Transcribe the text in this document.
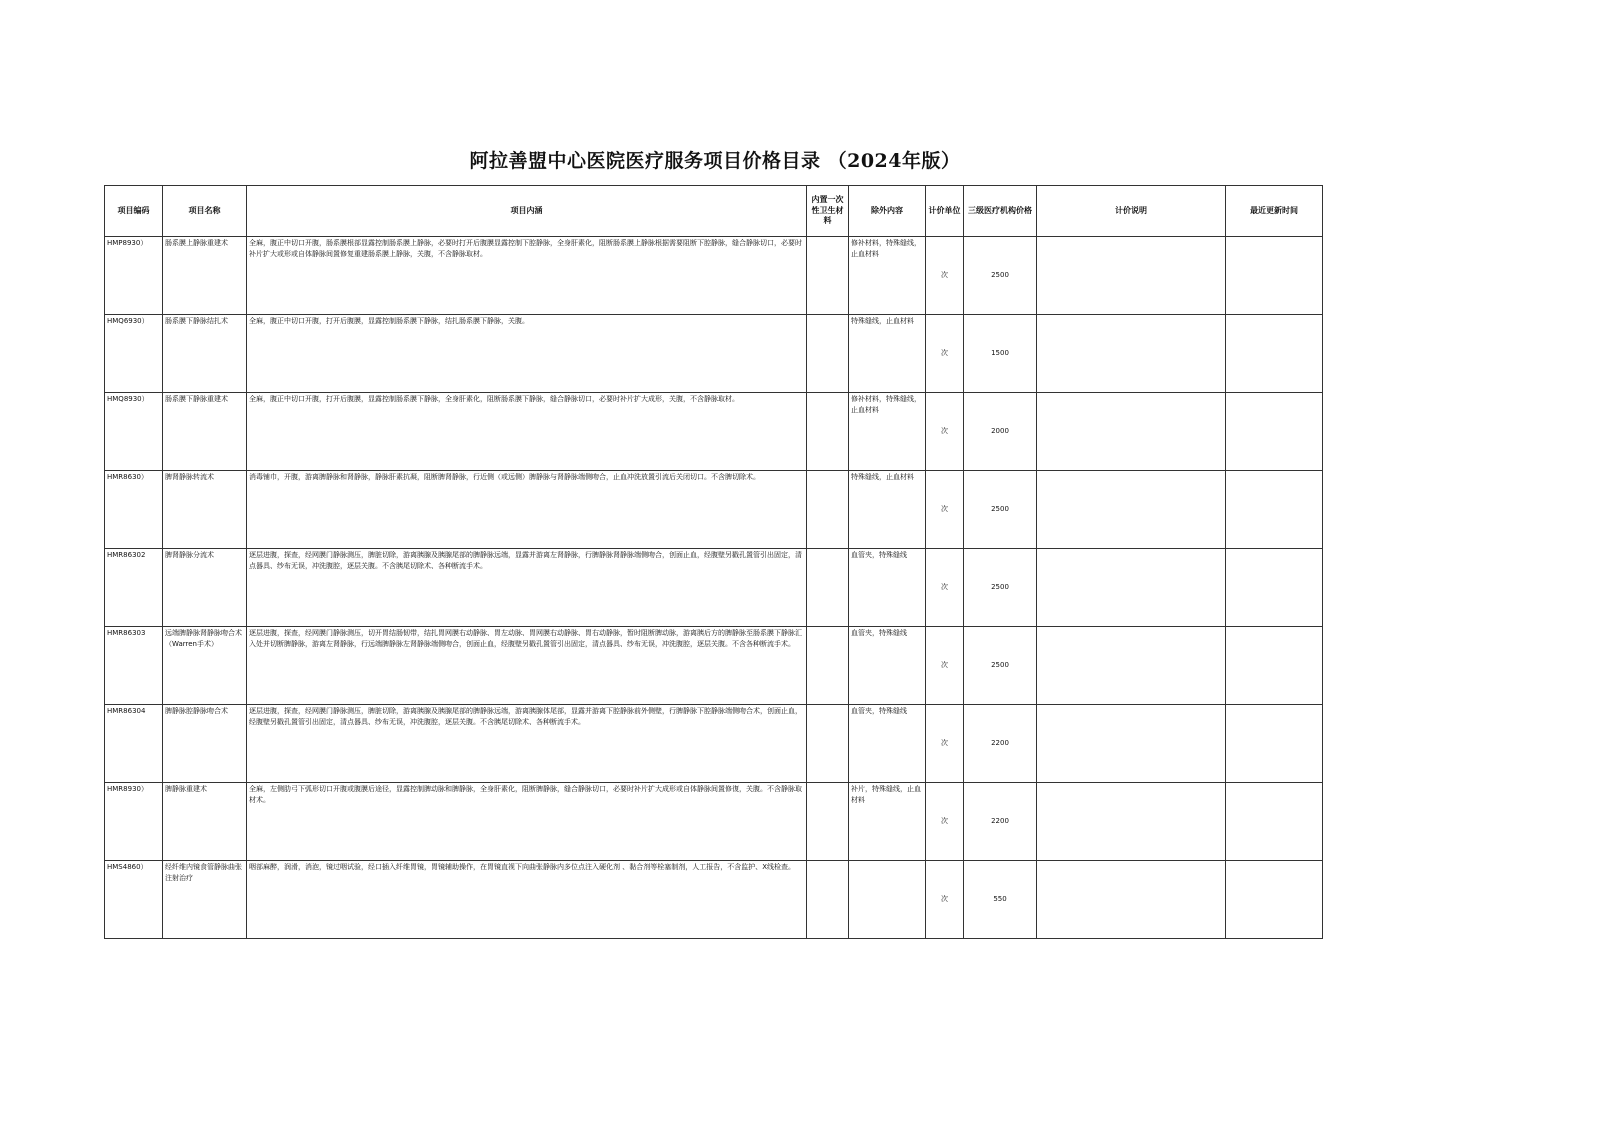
阿拉善盟中心医院医疗服务项目价格目录 （2024年版）
项目编码	项目名称	项目内涵	内置一次性卫生材料	除外内容	计价单位	三级医疗机构价格	计价说明	最近更新时间
HMP8930）	肠系膜上静脉重建术	全麻，腹正中切口开腹，肠系膜根部显露控制肠系膜上静脉，必要时打开后腹膜显露控制下腔静脉，全身肝素化，阻断肠系膜上静脉根据需要阻断下腔静脉，缝合静脉切口，必要时补片扩大或形或自体静脉间置修复重建肠系膜上静脉，关腹，不含静脉取材。		修补材料，特殊缝线，止血材料	次	2500		
HMQ6930）	肠系膜下静脉结扎术	全麻，腹正中切口开腹，打开后腹膜，显露控制肠系膜下静脉，结扎肠系膜下静脉，关腹。		特殊缝线，止血材料	次	1500		
HMQ8930）	肠系膜下静脉重建术	全麻，腹正中切口开腹，打开后腹膜，显露控制肠系膜下静脉，全身肝素化，阻断肠系膜下静脉，缝合静脉切口，必要时补片扩大成形，关腹，不含静脉取材。		修补材料，特殊缝线，止血材料	次	2000		
HMR8630）	脾肾静脉转流术	消毒铺巾，开腹，游离脾静脉和肾静脉，静脉肝素抗凝，阻断脾肾静脉，行近侧（或远侧）脾静脉与肾静脉端侧吻合，止血冲洗放置引流后关闭切口。不含脾切除术。		特殊缝线，止血材料	次	2500		
HMR86302	脾肾静脉分流术	逐层进腹，探查，经网膜门静脉测压，脾脏切除，游离胰腺及胰腺尾部的脾静脉远端，显露并游离左肾静脉，行脾静脉肾静脉端侧吻合，创面止血，经腹壁另戳孔置管引出固定，清点器具、纱布无误，冲洗腹腔，逐层关腹。不含胰尾切除术、各种断流手术。		血管夹，特殊缝线	次	2500		
HMR86303	远端脾静脉肾静脉吻合术（Warren手术）	逐层进腹，探查，经网膜门静脉测压，切开胃结肠韧带，结扎胃网膜右动静脉、胃左动脉、胃网膜右动静脉、胃右动静脉，暂时阻断脾动脉，游离胰后方的脾静脉至肠系膜下静脉汇入处并切断脾静脉，游离左肾静脉，行远端脾静脉左肾静脉端侧吻合，创面止血，经腹壁另戳孔置管引出固定，清点器具、纱布无误，冲洗腹腔，逐层关腹。不含各种断流手术。		血管夹，特殊缝线	次	2500		
HMR86304	脾静脉腔静脉吻合术	逐层进腹，探查，经网膜门静脉测压，脾脏切除，游离胰腺及胰腺尾部的脾静脉远端，游离胰腺体尾部，显露并游离下腔静脉前外侧壁，行脾静脉下腔静脉端侧吻合术，创面止血，经腹壁另戳孔置管引出固定，清点器具、纱布无误，冲洗腹腔，逐层关腹。不含胰尾切除术、各种断流手术。		血管夹，特殊缝线	次	2200		
HMR8930）	脾静脉重建术	全麻，左侧肋弓下弧形切口开腹或腹膜后途径，显露控制脾动脉和脾静脉，全身肝素化，阻断脾静脉，缝合静脉切口，必要时补片扩大成形或自体静脉间置修復，关腹。不含静脉取材术。		补片，特殊缝线，止血材料	次	2200		
HMS4860）	经纤维内镜食管静脉曲张注射治疗	咽部麻醉，润滑，消泡，镜过咽试验，经口插入纤维胃镜，胃镜辅助操作，在胃镜直视下向曲张静脉内多位点注入硬化剂 、黏合剂等栓塞制剂，人工报告，不含监护、X线检查。			次	550		
